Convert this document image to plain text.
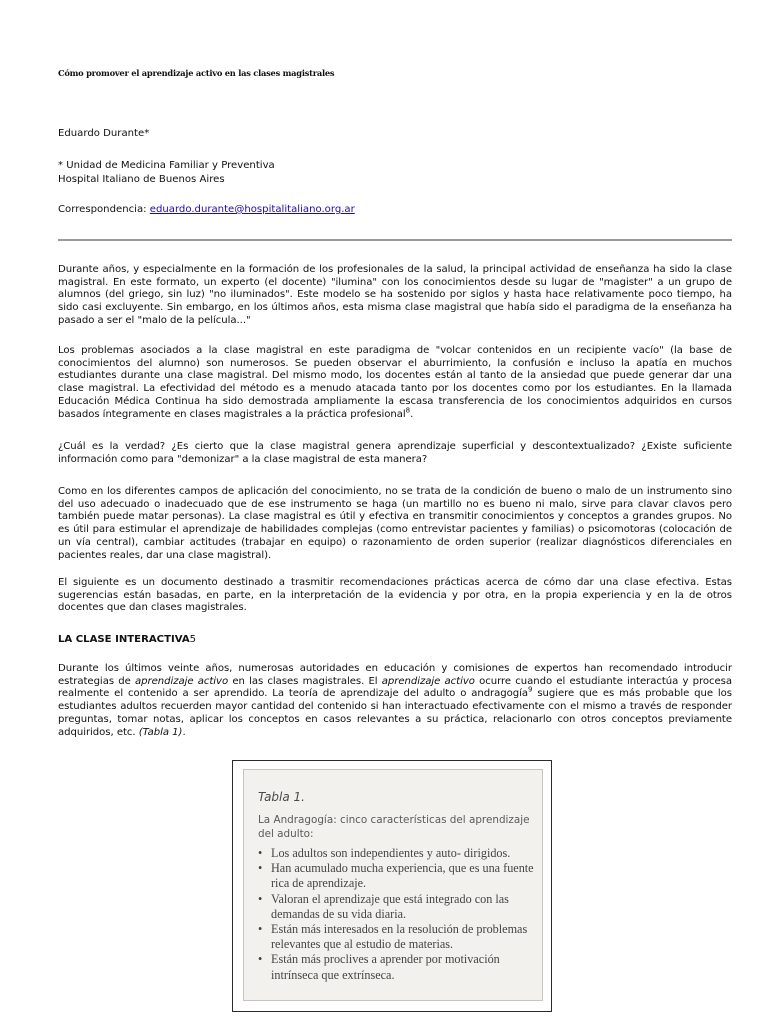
Cómo promover el aprendizaje activo en las clases magistrales
Eduardo Durante*
* Unidad de Medicina Familiar y Preventiva
Hospital Italiano de Buenos Aires
Correspondencia: eduardo.durante@hospitalitaliano.org.ar
Durante años, y especialmente en la formación de los profesionales de la salud, la principal actividad de enseñanza ha sido la clase magistral. En este formato, un experto (el docente) "ilumina" con los conocimientos desde su lugar de "magister" a un grupo de alumnos (del griego, sin luz) "no iluminados". Este modelo se ha sostenido por siglos y hasta hace relativamente poco tiempo, ha sido casi excluyente. Sin embargo, en los últimos años, esta misma clase magistral que había sido el paradigma de la enseñanza ha pasado a ser el "malo de la película..."
Los problemas asociados a la clase magistral en este paradigma de "volcar contenidos en un recipiente vacío" (la base de conocimientos del alumno) son numerosos. Se pueden observar el aburrimiento, la confusión e incluso la apatía en muchos estudiantes durante una clase magistral. Del mismo modo, los docentes están al tanto de la ansiedad que puede generar dar una clase magistral. La efectividad del método es a menudo atacada tanto por los docentes como por los estudiantes. En la llamada Educación Médica Continua ha sido demostrada ampliamente la escasa transferencia de los conocimientos adquiridos en cursos basados íntegramente en clases magistrales a la práctica profesional$^8$.
¿Cuál es la verdad? ¿Es cierto que la clase magistral genera aprendizaje superficial y descontextualizado? ¿Existe suficiente información como para "demonizar" a la clase magistral de esta manera?
Como en los diferentes campos de aplicación del conocimiento, no se trata de la condición de bueno o malo de un instrumento sino del uso adecuado o inadecuado que de ese instrumento se haga (un martillo no es bueno ni malo, sirve para clavar clavos pero también puede matar personas). La clase magistral es útil y efectiva en transmitir conocimientos y conceptos a grandes grupos. No es útil para estimular el aprendizaje de habilidades complejas (como entrevistar pacientes y familias) o psicomotoras (colocación de un vía central), cambiar actitudes (trabajar en equipo) o razonamiento de orden superior (realizar diagnósticos diferenciales en pacientes reales, dar una clase magistral).
El siguiente es un documento destinado a trasmitir recomendaciones prácticas acerca de cómo dar una clase efectiva. Estas sugerencias están basadas, en parte, en la interpretación de la evidencia y por otra, en la propia experiencia y en la de otros docentes que dan clases magistrales.
LA CLASE INTERACTIVA5
Durante los últimos veinte años, numerosas autoridades en educación y comisiones de expertos han recomendado introducir estrategias de aprendizaje activo en las clases magistrales. El aprendizaje activo ocurre cuando el estudiante interactúa y procesa realmente el contenido a ser aprendido. La teoría de aprendizaje del adulto o andragogía$^9$ sugiere que es más probable que los estudiantes adultos recuerden mayor cantidad del contenido si han interactuado efectivamente con el mismo a través de responder preguntas, tomar notas, aplicar los conceptos en casos relevantes a su práctica, relacionarlo con otros conceptos previamente adquiridos, etc. (Tabla 1).
Tabla 1.
La Andragogía: cinco características del aprendizaje del adulto:
• Los adultos son independientes y auto- dirigidos.
• Han acumulado mucha experiencia, que es una fuente rica de aprendizaje.
• Valoran el aprendizaje que está integrado con las demandas de su vida diaria.
• Están más interesados en la resolución de problemas relevantes que al estudio de materias.
• Están más proclives a aprender por motivación intrínseca que extrínseca.
